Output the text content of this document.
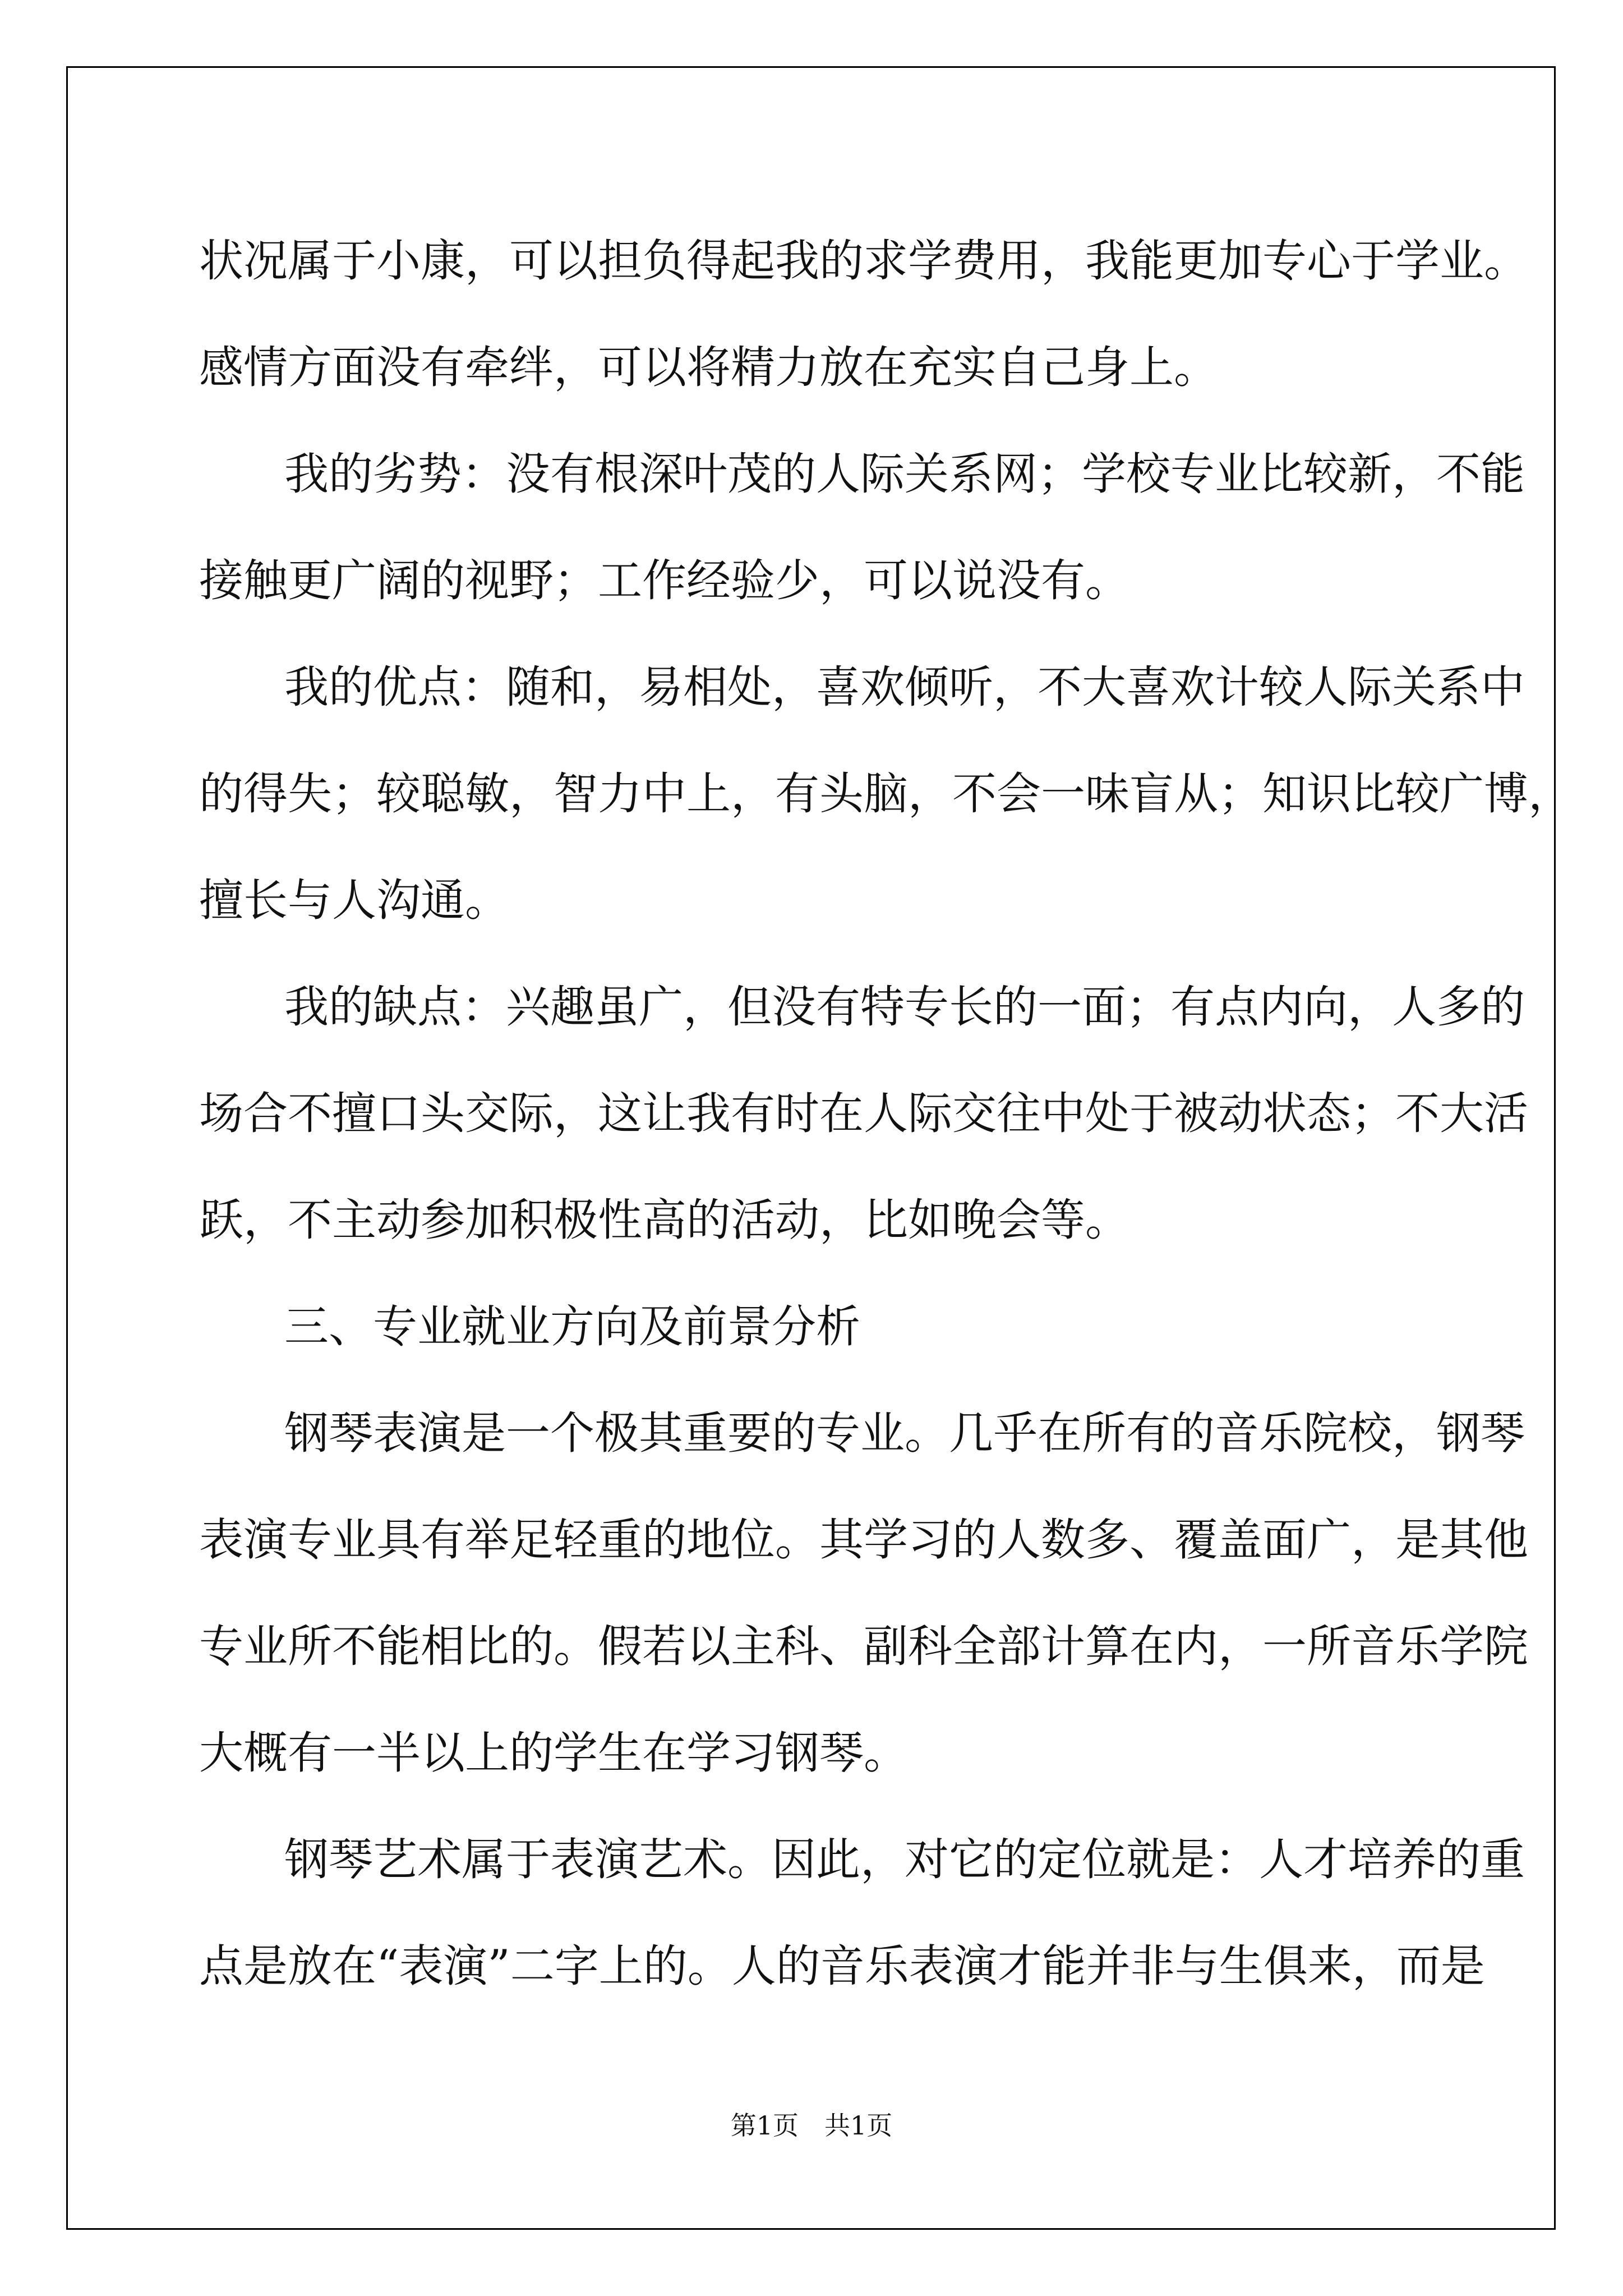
状况属于小康，可以担负得起我的求学费用，我能更加专心于学业。
感情方面没有牵绊，可以将精力放在充实自己身上。
我的劣势：没有根深叶茂的人际关系网；学校专业比较新，不能
接触更广阔的视野；工作经验少，可以说没有。
我的优点：随和，易相处，喜欢倾听，不大喜欢计较人际关系中
的得失；较聪敏，智力中上，有头脑，不会一味盲从；知识比较广博，
擅长与人沟通。
我的缺点：兴趣虽广，但没有特专长的一面；有点内向，人多的
场合不擅口头交际，这让我有时在人际交往中处于被动状态；不大活
跃，不主动参加积极性高的活动，比如晚会等。
三、专业就业方向及前景分析
钢琴表演是一个极其重要的专业。几乎在所有的音乐院校，钢琴
表演专业具有举足轻重的地位。其学习的人数多、覆盖面广，是其他
专业所不能相比的。假若以主科、副科全部计算在内，一所音乐学院
大概有一半以上的学生在学习钢琴。
钢琴艺术属于表演艺术。因此，对它的定位就是：人才培养的重
点是放在“表演”二字上的。人的音乐表演才能并非与生俱来，而是
第1页　共1页
